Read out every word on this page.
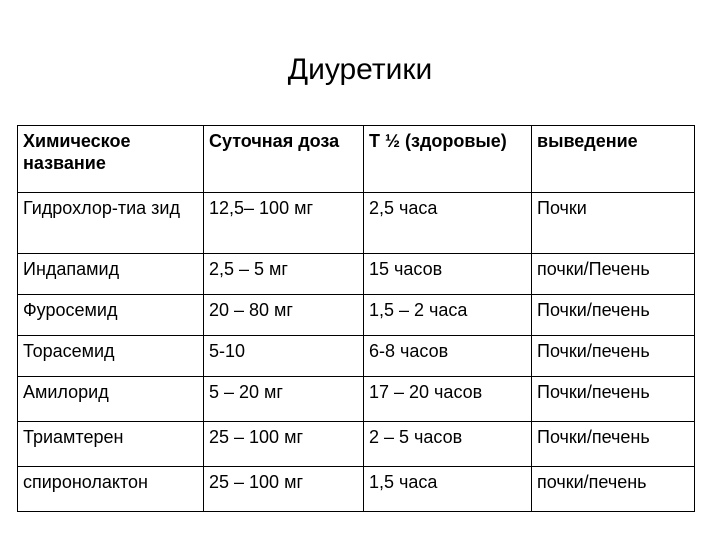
Диуретики
Химическое название	Суточная доза	T ½ (здоровые)	выведение
Гидрохлор-тиа зид	12,5– 100 мг	2,5 часа	Почки
Индапамид	2,5 – 5 мг	15 часов	почки/Печень
Фуросемид	20 – 80 мг	1,5 – 2 часа	Почки/печень
Торасемид	5-10	6-8 часов	Почки/печень
Амилорид	5 – 20 мг	17 – 20 часов	Почки/печень
Триамтерен	25 – 100 мг	2 – 5 часов	Почки/печень
спиронолактон	25 – 100 мг	1,5 часа	почки/печень
